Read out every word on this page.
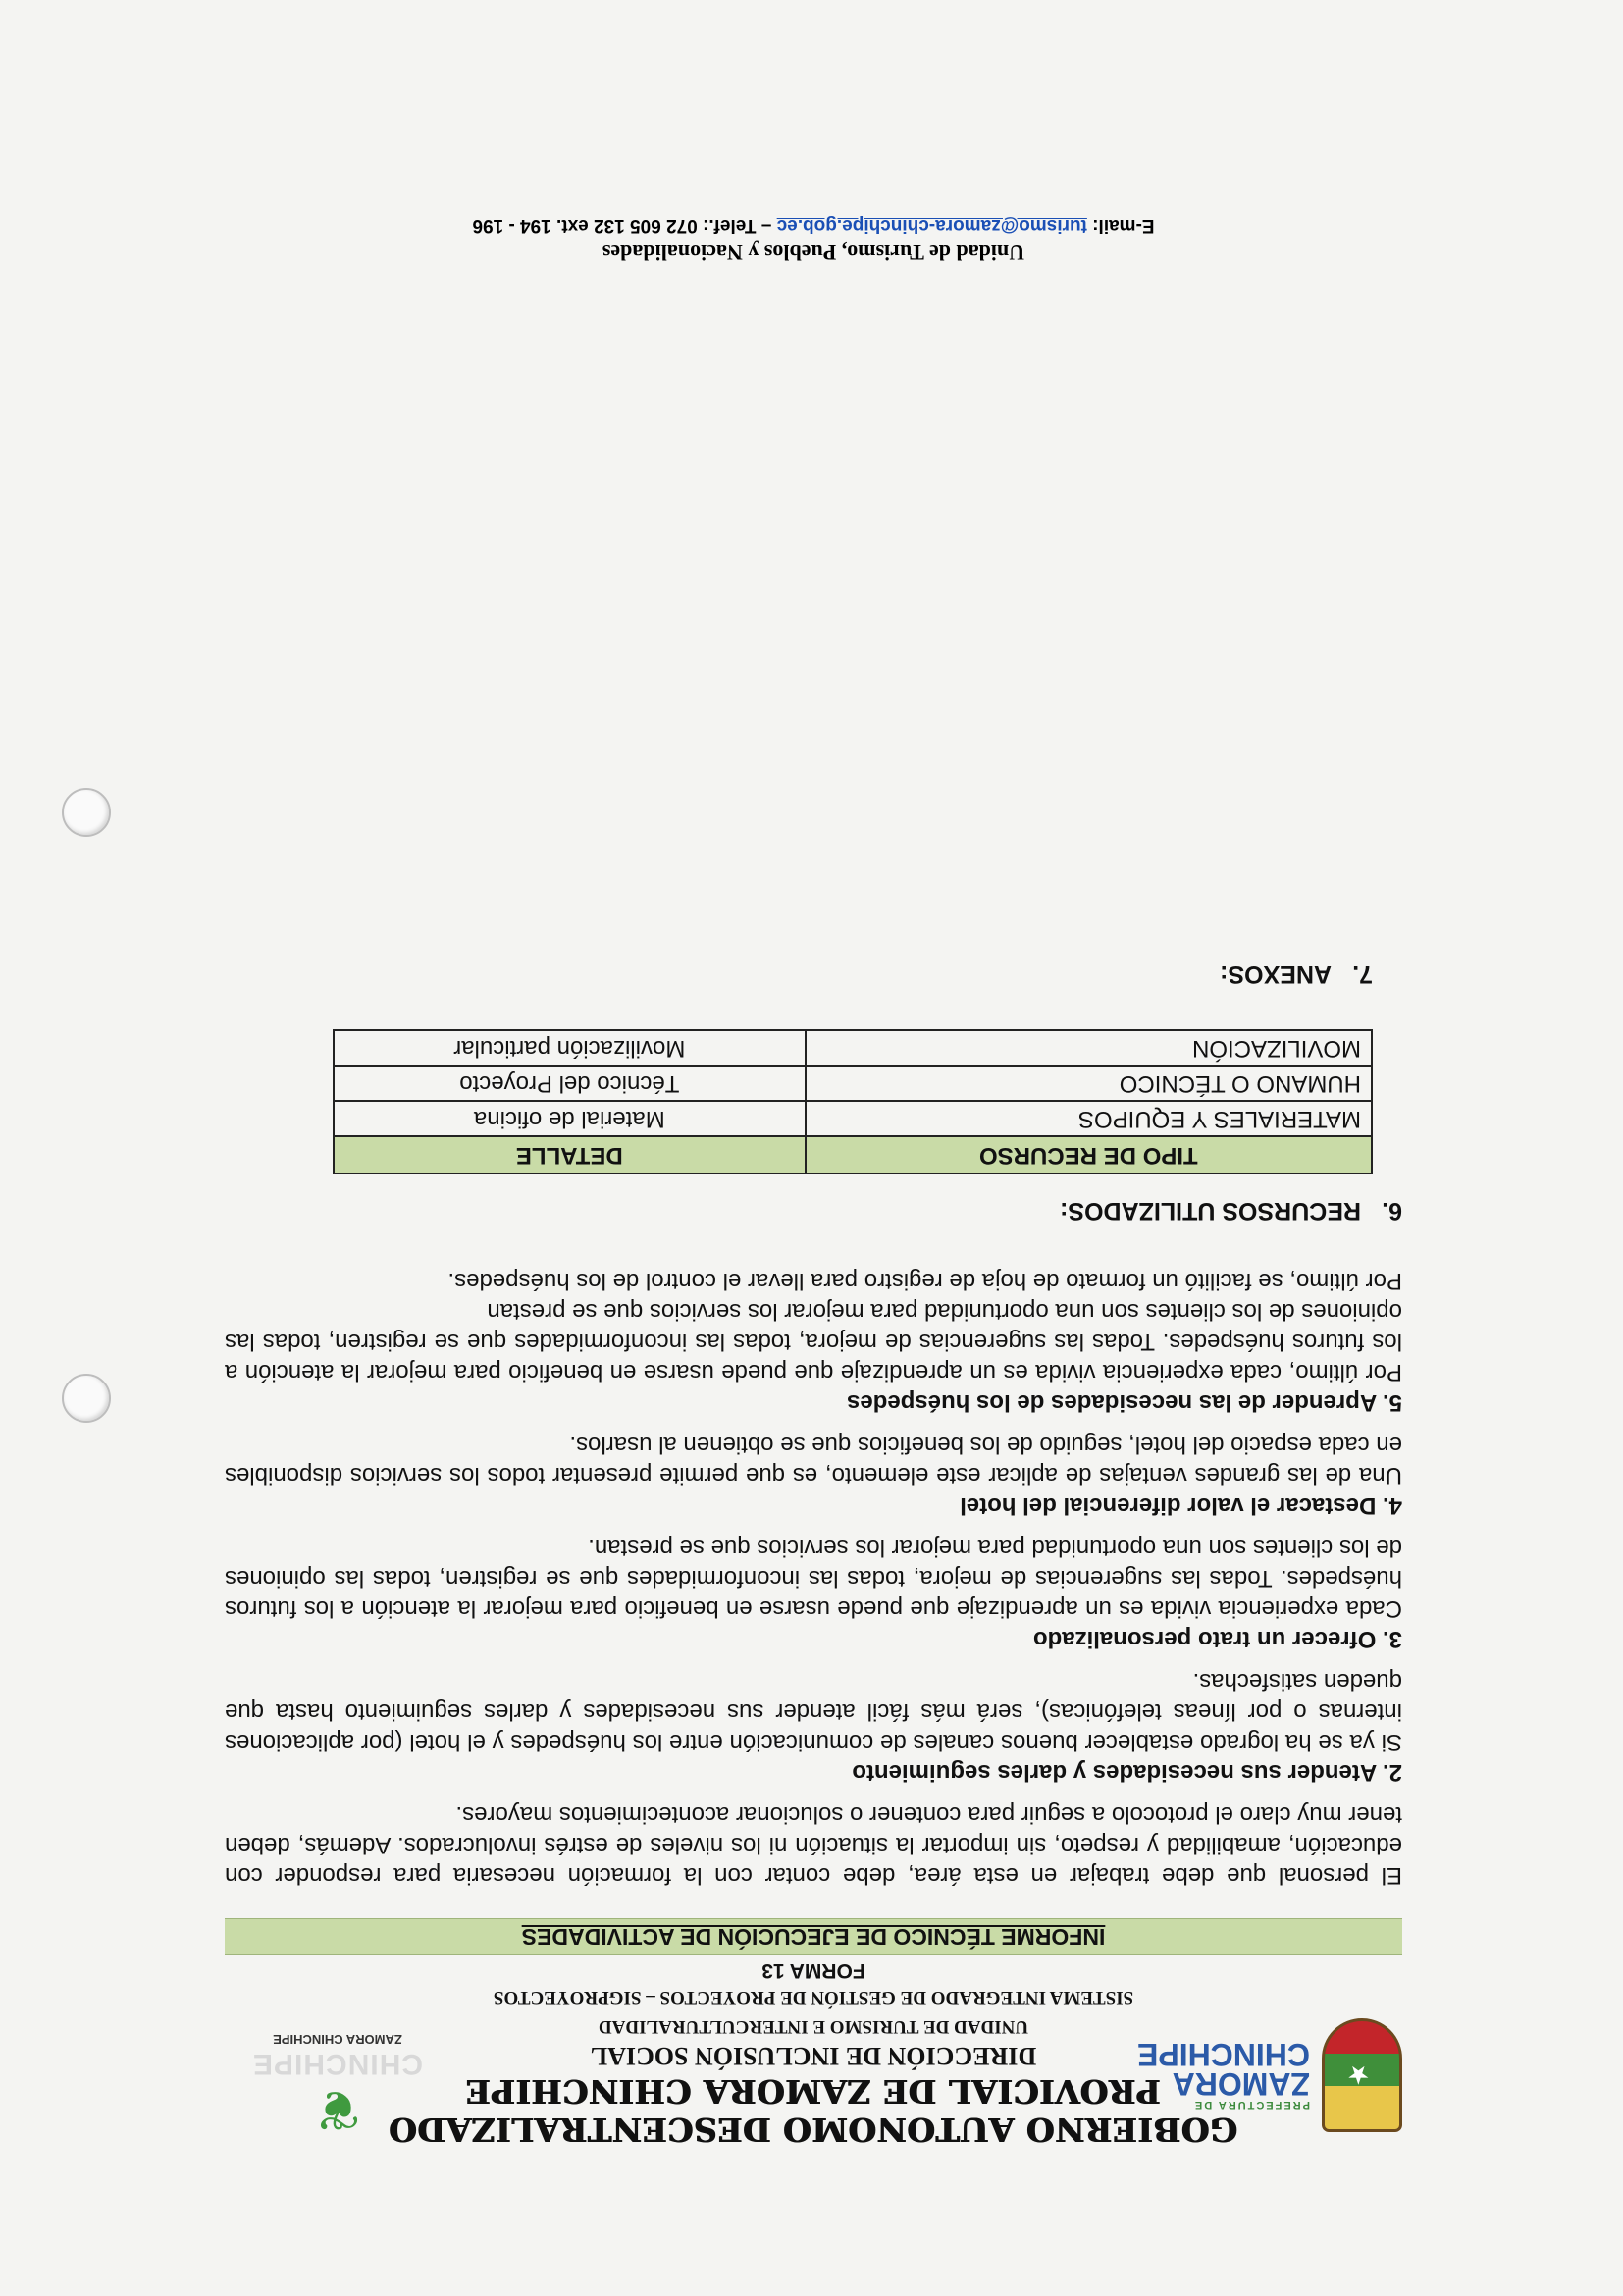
★
PREFECTURA DE
ZAMORA
CHINCHIPE

GOBIERNO AUTONOMO DESCENTRALIZADO PROVICIAL DE ZAMORA CHINCHIPE

DIRECCIÓN DE INCLUSIÓN SOCIAL

UNIDAD DE TURISMO E INTERCULTURALIDAD

SISTEMA INTEGRADO DE GESTIÓN DE PROYECTOS – SIGPROYECTOS

FORMA 13

❦
CHINCHIPE
ZAMORA CHINCHIPE
INFORME TÉCNICO DE EJECUCIÓN DE ACTIVIDADES

El personal que debe trabajar en esta área, debe contar con la formación necesaria para responder con educación, amabilidad y respeto, sin importar la situación ni los niveles de estrés involucrados. Además, deben tener muy claro el protocolo a seguir para contener o solucionar acontecimientos mayores.

2. Atender sus necesidades y darles seguimiento

Si ya se ha logrado establecer buenos canales de comunicación entre los huéspedes y el hotel (por aplicaciones internas o por líneas telefónicas), será más fácil atender sus necesidades y darles seguimiento hasta que queden satisfechas.

3. Ofrecer un trato personalizado

Cada experiencia vivida es un aprendizaje que puede usarse en beneficio para mejorar la atención a los futuros huéspedes. Todas las sugerencias de mejora, todas las inconformidades que se registren, todas las opiniones de los clientes son una oportunidad para mejorar los servicios que se prestan.

4. Destacar el valor diferencial del hotel

Una de las grandes ventajas de aplicar este elemento, es que permite presentar todos los servicios disponibles en cada espacio del hotel, seguido de los beneficios que se obtienen al usarlos.

5. Aprender de las necesidades de los huéspedes

Por último, cada experiencia vivida es un aprendizaje que puede usarse en beneficio para mejorar la atención a los futuros huéspedes. Todas las sugerencias de mejora, todas las inconformidades que se registren, todas las opiniones de los clientes son una oportunidad para mejorar los servicios que se prestan

Por último, se facilitó un formato de hoja de registro para llevar el control de los huéspedes.

6.RECURSOS UTILIZADOS:

TIPO DE RECURSO	DETALLE
MATERIALES Y EQUIPOS	Material de oficina
HUMANO O TÉCNICO	Técnico del Proyecto
MOVILIZACIÓN	Movilización particular

7.ANEXOS:

Unidad de Turismo, Pueblos y Nacionalidades
E-mail: turismo@zamora-chinchipe.gob.ec – Telef.: 072 605 132 ext. 194 - 196
